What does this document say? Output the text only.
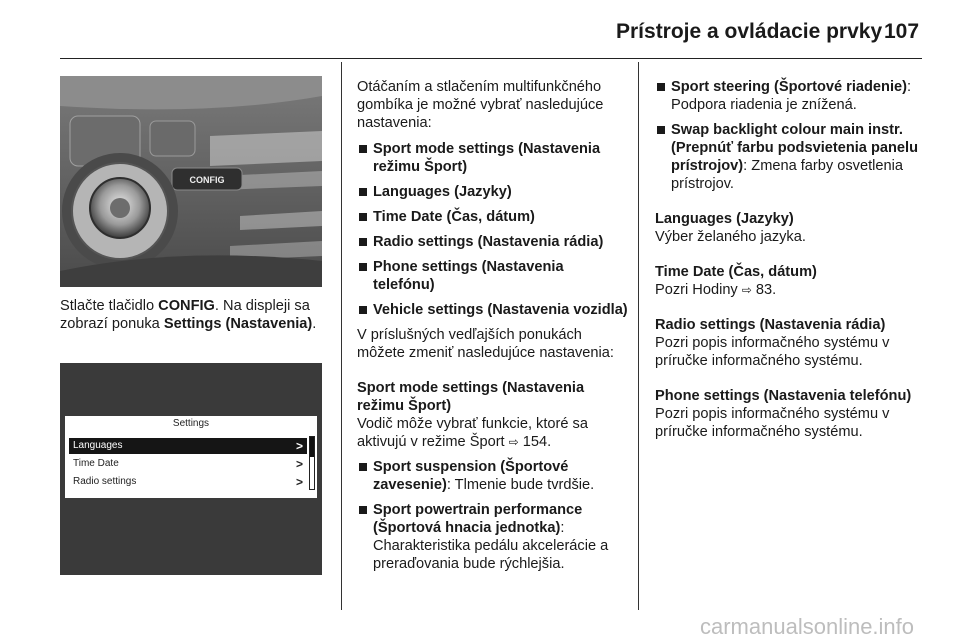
Prístroje a ovládacie prvky 107
CONFIG

Stlačte tlačidlo CONFIG. Na displeji sa zobrazí ponuka Settings (Nastavenia).

Settings
Languages	>
Time Date	>
Radio settings	>

Otáčaním a stlačením multifunkčného gombíka je možné vybrať nasledujúce nastavenia:

Sport mode settings (Nastavenia režimu Šport)
Languages (Jazyky)
Time Date (Čas, dátum)
Radio settings (Nastavenia rádia)
Phone settings (Nastavenia telefónu)
Vehicle settings (Nastavenia vozidla)

V príslušných vedľajších ponukách môžete zmeniť nasledujúce nastavenia:

Sport mode settings (Nastavenia režimu Šport)

Vodič môže vybrať funkcie, ktoré sa aktivujú v režime Šport ⇨ 154.

Sport suspension (Športové zavesenie): Tlmenie bude tvrdšie.
Sport powertrain performance (Športová hnacia jednotka): Charakteristika pedálu akcelerácie a preraďovania bude rýchlejšia.
Sport steering (Športové riadenie): Podpora riadenia je znížená.
Swap backlight colour main instr. (Prepnúť farbu podsvietenia panelu prístrojov): Zmena farby osvetlenia prístrojov.

Languages (Jazyky)

Výber želaného jazyka.

Time Date (Čas, dátum)

Pozri Hodiny ⇨ 83.

Radio settings (Nastavenia rádia)

Pozri popis informačného systému v príručke informačného systému.

Phone settings (Nastavenia telefónu)

Pozri popis informačného systému v príručke informačného systému.

carmanualsonline.info
